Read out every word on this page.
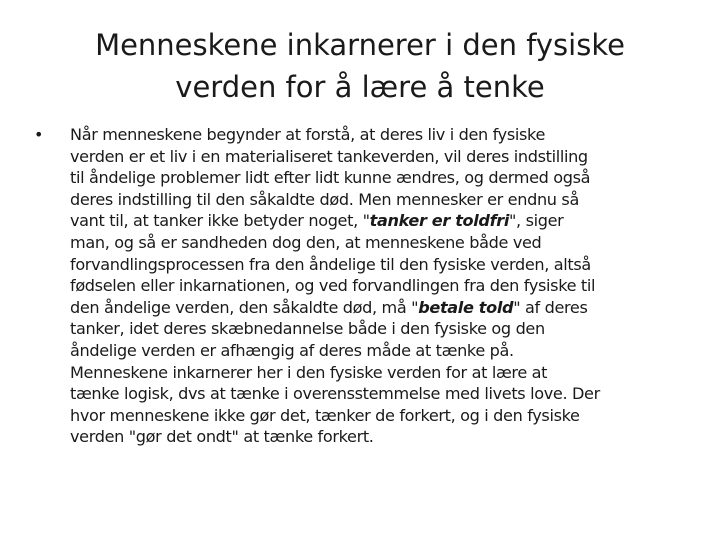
Menneskene inkarnerer i den fysiske
verden for å lære å tenke
• Når menneskene begynder at forstå, at deres liv i den fysiske
verden er et liv i en materialiseret tankeverden, vil deres indstilling
til åndelige problemer lidt efter lidt kunne ændres, og dermed også
deres indstilling til den såkaldte død. Men mennesker er endnu så
vant til, at tanker ikke betyder noget, "tanker er toldfri", siger
man, og så er sandheden dog den, at menneskene både ved
forvandlingsprocessen fra den åndelige til den fysiske verden, altså
fødselen eller inkarnationen, og ved forvandlingen fra den fysiske til
den åndelige verden, den såkaldte død, må "betale told" af deres
tanker, idet deres skæbnedannelse både i den fysiske og den
åndelige verden er afhængig af deres måde at tænke på.
Menneskene inkarnerer her i den fysiske verden for at lære at
tænke logisk, dvs at tænke i overensstemmelse med livets love. Der
hvor menneskene ikke gør det, tænker de forkert, og i den fysiske
verden "gør det ondt" at tænke forkert.
